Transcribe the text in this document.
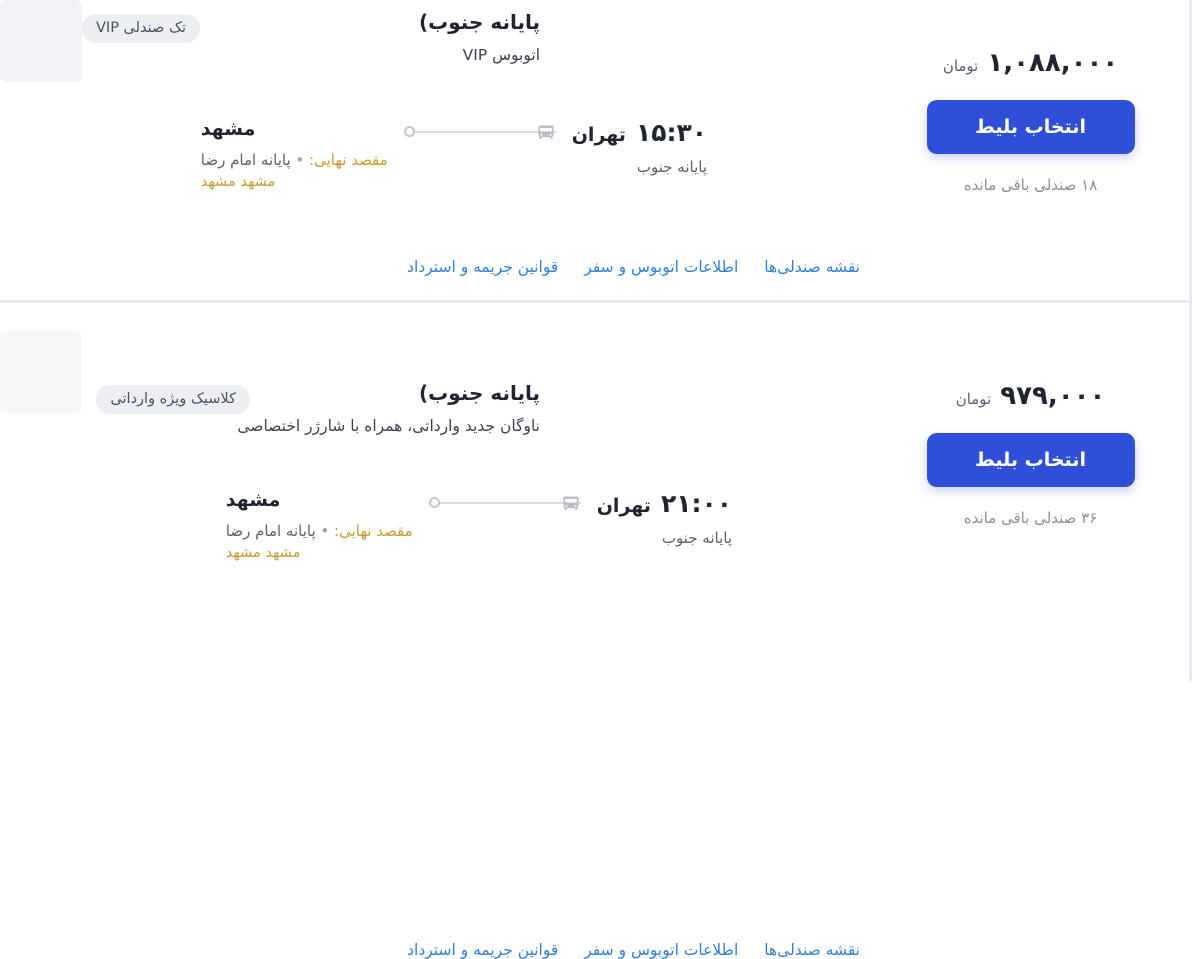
۱,۰۸۸,۰۰۰
تومان
انتخاب بلیط
۱۸ صندلی باقی مانده
پایانه جنوب)
اتوبوس VIP
تک صندلی VIP
۱۵:۳۰
تهران
پایانه جنوب
مشهد
مقصد نهایی: • پایانه امام رضا
مشهد مشهد
نقشه صندلی‌ها
اطلاعات اتوبوس و سفر
قوانین جریمه و استرداد
۹۷۹,۰۰۰
تومان
انتخاب بلیط
۳۶ صندلی باقی مانده
پایانه جنوب)
ناوگان جدید وارداتی، همراه با شارژر اختصاصی
کلاسیک ویژه وارداتی
۲۱:۰۰
تهران
پایانه جنوب
مشهد
مقصد نهایی: • پایانه امام رضا
مشهد مشهد
نقشه صندلی‌ها
اطلاعات اتوبوس و سفر
قوانین جریمه و استرداد
